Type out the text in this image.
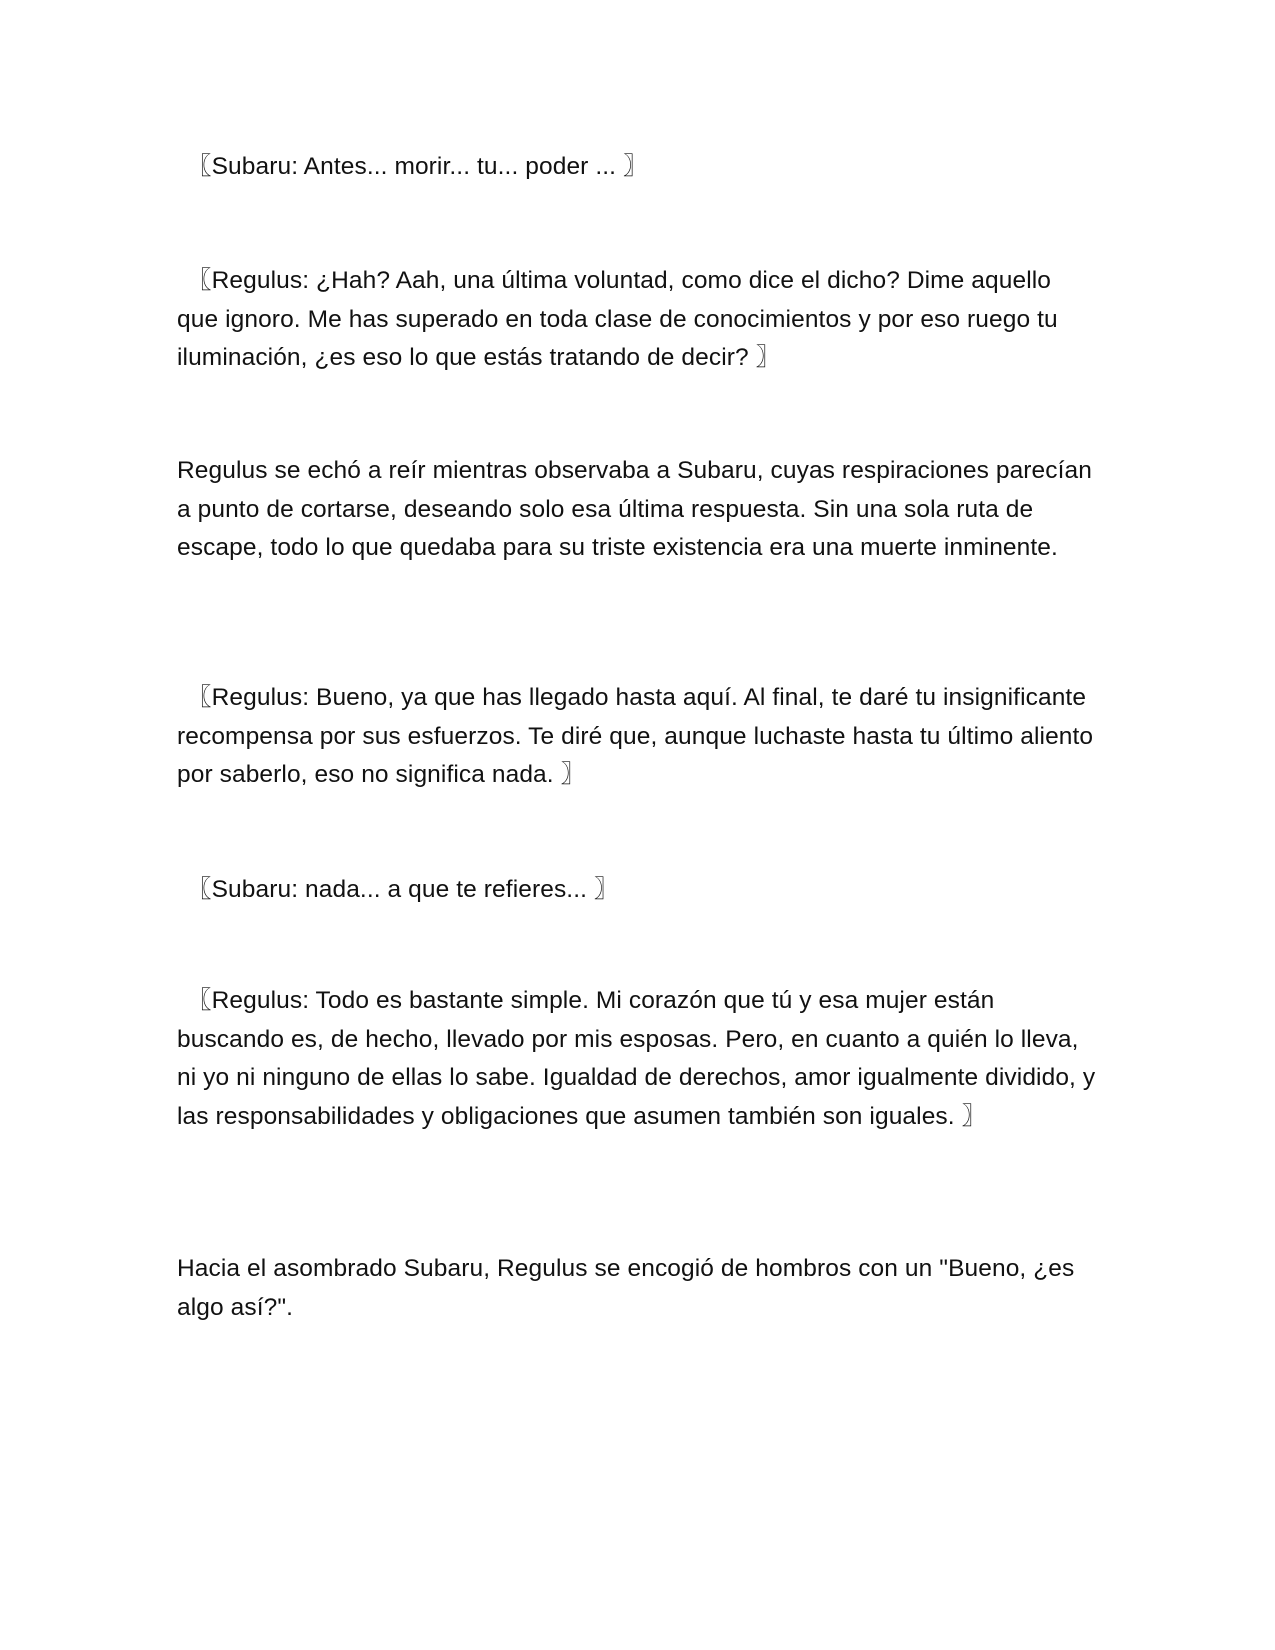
〖Subaru: Antes... morir... tu... poder ... 〗

〖Regulus: ¿Hah? Aah, una última voluntad, como dice el dicho? Dime aquello que ignoro. Me has superado en toda clase de conocimientos y por eso ruego tu iluminación, ¿es eso lo que estás tratando de decir? 〗

Regulus se echó a reír mientras observaba a Subaru, cuyas respiraciones parecían a punto de cortarse, deseando solo esa última respuesta. Sin una sola ruta de escape, todo lo que quedaba para su triste existencia era una muerte inminente.

〖Regulus: Bueno, ya que has llegado hasta aquí. Al final, te daré tu insignificante recompensa por sus esfuerzos. Te diré que, aunque luchaste hasta tu último aliento por saberlo, eso no significa nada. 〗

〖Subaru: nada... a que te refieres... 〗

〖Regulus: Todo es bastante simple. Mi corazón que tú y esa mujer están buscando es, de hecho, llevado por mis esposas. Pero, en cuanto a quién lo lleva, ni yo ni ninguno de ellas lo sabe. Igualdad de derechos, amor igualmente dividido, y las responsabilidades y obligaciones que asumen también son iguales. 〗

Hacia el asombrado Subaru, Regulus se encogió de hombros con un "Bueno, ¿es algo así?".
